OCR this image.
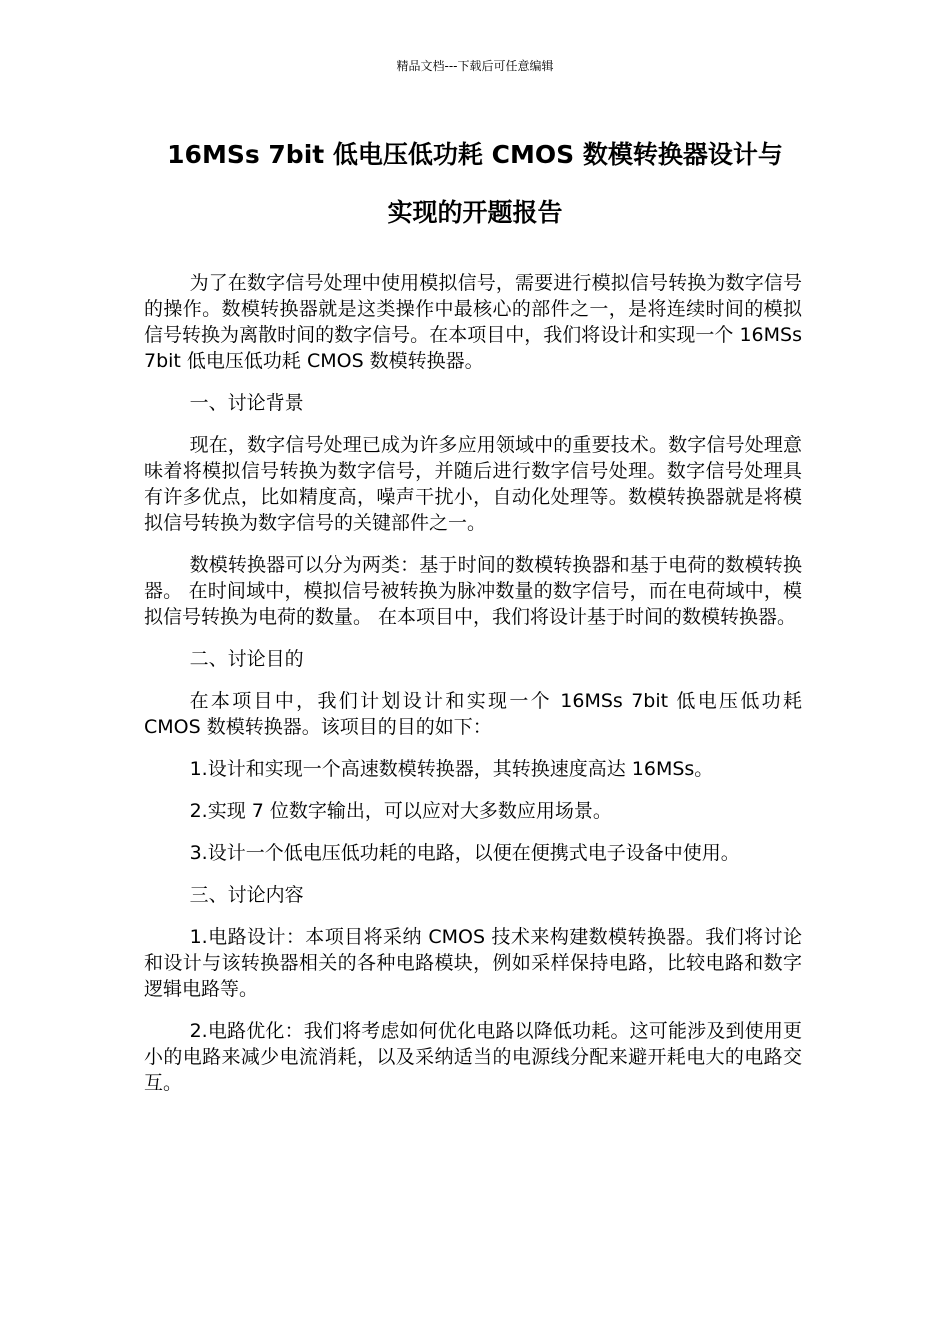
精品文档---下载后可任意编辑
16MSs 7bit 低电压低功耗 CMOS 数模转换器设计与
实现的开题报告

为了在数字信号处理中使用模拟信号，需要进行模拟信号转换为数字信号的操作。数模转换器就是这类操作中最核心的部件之一，是将连续时间的模拟信号转换为离散时间的数字信号。在本项目中，我们将设计和实现一个 16MSs 7bit 低电压低功耗 CMOS 数模转换器。

一、讨论背景

现在，数字信号处理已成为许多应用领域中的重要技术。数字信号处理意味着将模拟信号转换为数字信号，并随后进行数字信号处理。数字信号处理具有许多优点，比如精度高，噪声干扰小，自动化处理等。数模转换器就是将模拟信号转换为数字信号的关键部件之一。

数模转换器可以分为两类：基于时间的数模转换器和基于电荷的数模转换器。 在时间域中，模拟信号被转换为脉冲数量的数字信号，而在电荷域中，模拟信号转换为电荷的数量。 在本项目中，我们将设计基于时间的数模转换器。

二、讨论目的

在本项目中，我们计划设计和实现一个 16MSs 7bit 低电压低功耗 CMOS 数模转换器。该项目的目的如下：

1.设计和实现一个高速数模转换器，其转换速度高达 16MSs。

2.实现 7 位数字输出，可以应对大多数应用场景。

3.设计一个低电压低功耗的电路，以便在便携式电子设备中使用。

三、讨论内容

1.电路设计：本项目将采纳 CMOS 技术来构建数模转换器。我们将讨论和设计与该转换器相关的各种电路模块，例如采样保持电路，比较电路和数字逻辑电路等。

2.电路优化：我们将考虑如何优化电路以降低功耗。这可能涉及到使用更小的电路来减少电流消耗，以及采纳适当的电源线分配来避开耗电大的电路交互。
